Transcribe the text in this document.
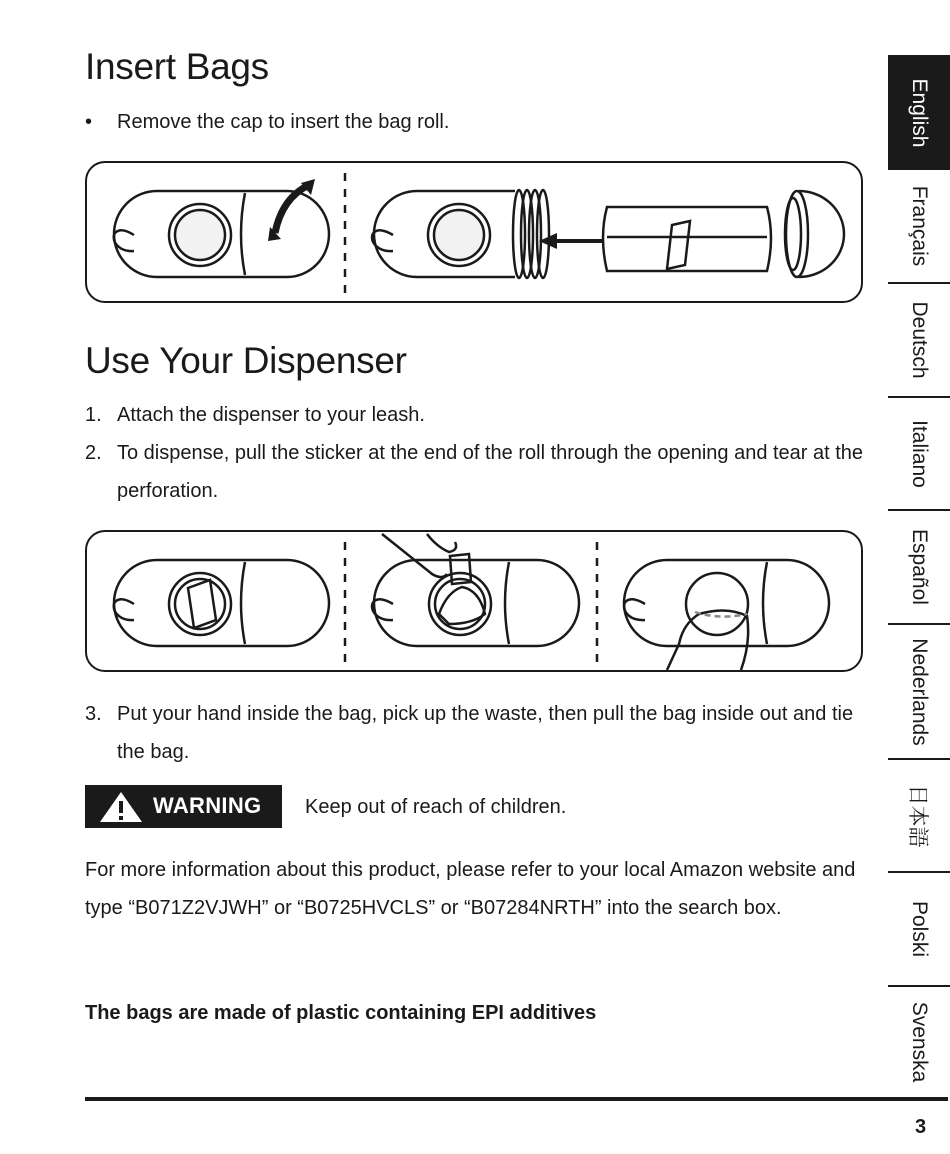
Insert Bags
• Remove the cap to insert the bag roll.
Use Your Dispenser
1. Attach the dispenser to your leash.
2. To dispense, pull the sticker at the end of the roll through the opening and tear at the perforation.
3. Put your hand inside the bag, pick up the waste, then pull the bag inside out and tie the bag.
WARNING Keep out of reach of children.
For more information about this product, please refer to your local Amazon website and type “B071Z2VJWH” or “B0725HVCLS” or “B07284NRTH” into the search box.
The bags are made of plastic containing EPI additives
3
English
Français
Deutsch
Italiano
Español
Nederlands
日本語
Polski
Svenska
